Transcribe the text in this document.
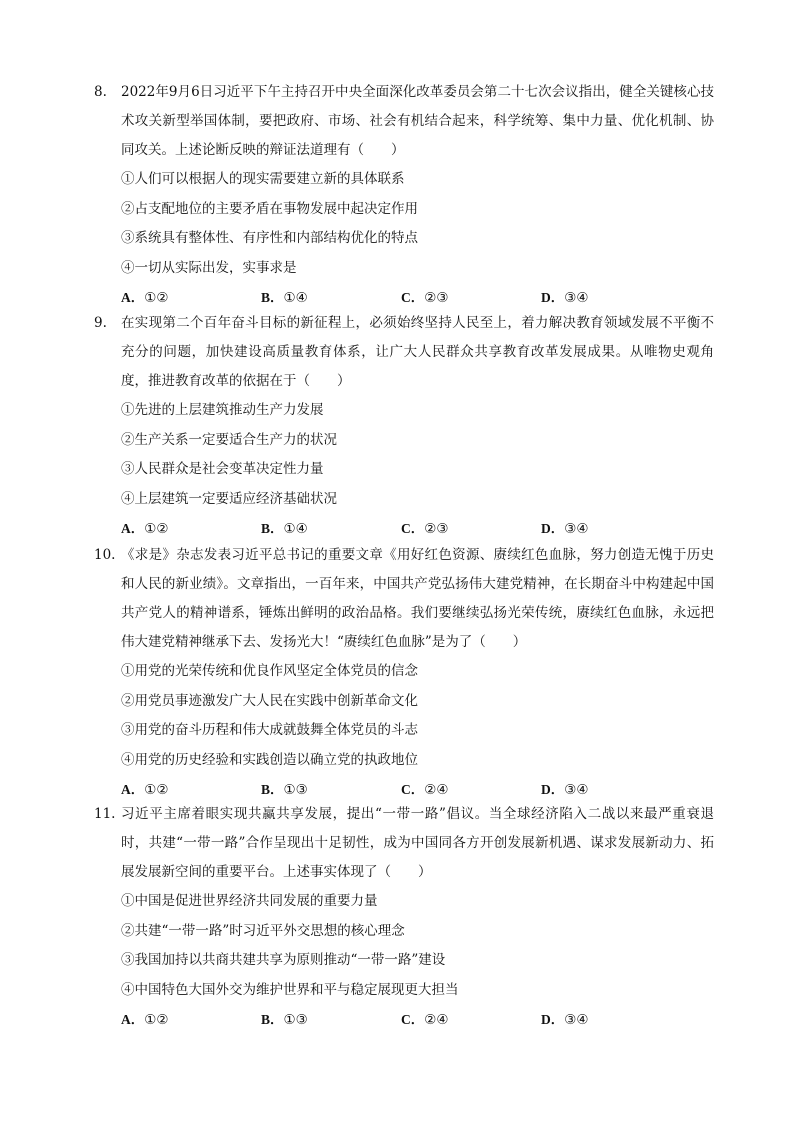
8.	2022年9月6日习近平下午主持召开中央全面深化改革委员会第二十七次会议指出，健全关键核心技术攻关新型举国体制，要把政府、市场、社会有机结合起来，科学统筹、集中力量、优化机制、协同攻关。上述论断反映的辩证法道理有（　　）
①人们可以根据人的现实需要建立新的具体联系
②占支配地位的主要矛盾在事物发展中起决定作用
③系统具有整体性、有序性和内部结构优化的特点
④一切从实际出发，实事求是
A．①②	B．①④	C．②③	D．③④
9.	在实现第二个百年奋斗目标的新征程上，必须始终坚持人民至上，着力解决教育领域发展不平衡不充分的问题，加快建设高质量教育体系，让广大人民群众共享教育改革发展成果。从唯物史观角度，推进教育改革的依据在于（　　）
①先进的上层建筑推动生产力发展
②生产关系一定要适合生产力的状况
③人民群众是社会变革决定性力量
④上层建筑一定要适应经济基础状况
A．①②	B．①④	C．②③	D．③④
10. 《求是》杂志发表习近平总书记的重要文章《用好红色资源、赓续红色血脉，努力创造无愧于历史和人民的新业绩》。文章指出，一百年来，中国共产党弘扬伟大建党精神，在长期奋斗中构建起中国共产党人的精神谱系，锤炼出鲜明的政治品格。我们要继续弘扬光荣传统，赓续红色血脉，永远把伟大建党精神继承下去、发扬光大！“赓续红色血脉”是为了（　　）
①用党的光荣传统和优良作风坚定全体党员的信念
②用党员事迹激发广大人民在实践中创新革命文化
③用党的奋斗历程和伟大成就鼓舞全体党员的斗志
④用党的历史经验和实践创造以确立党的执政地位
A．①②	B．①③	C．②④	D．③④
11. 习近平主席着眼实现共赢共享发展，提出“一带一路”倡议。当全球经济陷入二战以来最严重衰退时，共建“一带一路”合作呈现出十足韧性，成为中国同各方开创发展新机遇、谋求发展新动力、拓展发展新空间的重要平台。上述事实体现了（　　）
①中国是促进世界经济共同发展的重要力量
②共建“一带一路”时习近平外交思想的核心理念
③我国加持以共商共建共享为原则推动“一带一路”建设
④中国特色大国外交为维护世界和平与稳定展现更大担当
A．①②	B．①③	C．②④	D．③④
